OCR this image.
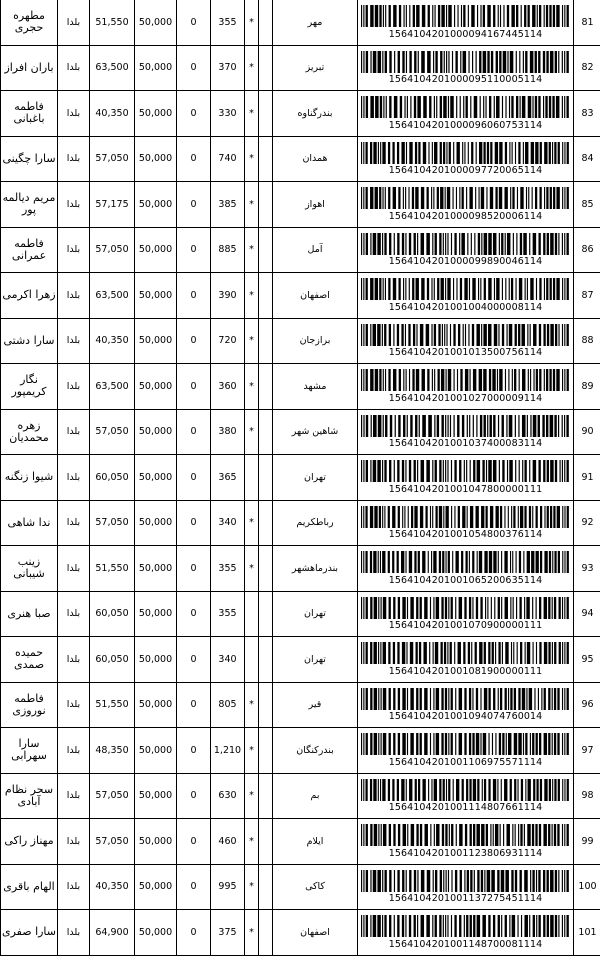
مطهره حجری	بلدا	51,550	50,000	0	355	*		مهر	1564104201000094167445114	81
باران افراز	بلدا	63,500	50,000	0	370	*		تبریز	1564104201000095110005114	82
فاطمه باغبانی	بلدا	40,350	50,000	0	330	*		بندرگناوه	1564104201000096060753114	83
سارا چگینی	بلدا	57,050	50,000	0	740	*		همدان	1564104201000097720065114	84
مریم دیالمه پور	بلدا	57,175	50,000	0	385	*		اهواز	1564104201000098520006114	85
فاطمه عمرانی	بلدا	57,050	50,000	0	885	*		آمل	1564104201000099890046114	86
زهرا اکرمی	بلدا	63,500	50,000	0	390	*		اصفهان	1564104201001004000008114	87
سارا دشتی	بلدا	40,350	50,000	0	720	*		برازجان	1564104201001013500756114	88
نگار کریمپور	بلدا	63,500	50,000	0	360	*		مشهد	1564104201001027000009114	89
زهره محمدیان	بلدا	57,050	50,000	0	380	*		شاهین شهر	1564104201001037400083114	90
شیوا زنگنه	بلدا	60,050	50,000	0	365			تهران	1564104201001047800000111	91
ندا شاهی	بلدا	57,050	50,000	0	340	*		رباطکریم	1564104201001054800376114	92
زینب شیبانی	بلدا	51,550	50,000	0	355	*		بندرماهشهر	1564104201001065200635114	93
صبا هنری	بلدا	60,050	50,000	0	355			تهران	1564104201001070900000111	94
حمیده صمدی	بلدا	60,050	50,000	0	340			تهران	1564104201001081900000111	95
فاطمه نوروزی	بلدا	51,550	50,000	0	805	*		قیر	1564104201001094074760014	96
سارا سهرابی	بلدا	48,350	50,000	0	1,210	*		بندرکنگان	1564104201001106975571114	97
سحر نظام آبادی	بلدا	57,050	50,000	0	630	*		بم	1564104201001114807661114	98
مهناز راکی	بلدا	57,050	50,000	0	460	*		ایلام	1564104201001123806931114	99
الهام باقری	بلدا	40,350	50,000	0	995	*		کاکی	1564104201001137275451114	100
سارا صفری	بلدا	64,900	50,000	0	375	*		اصفهان	1564104201001148700081114	101
